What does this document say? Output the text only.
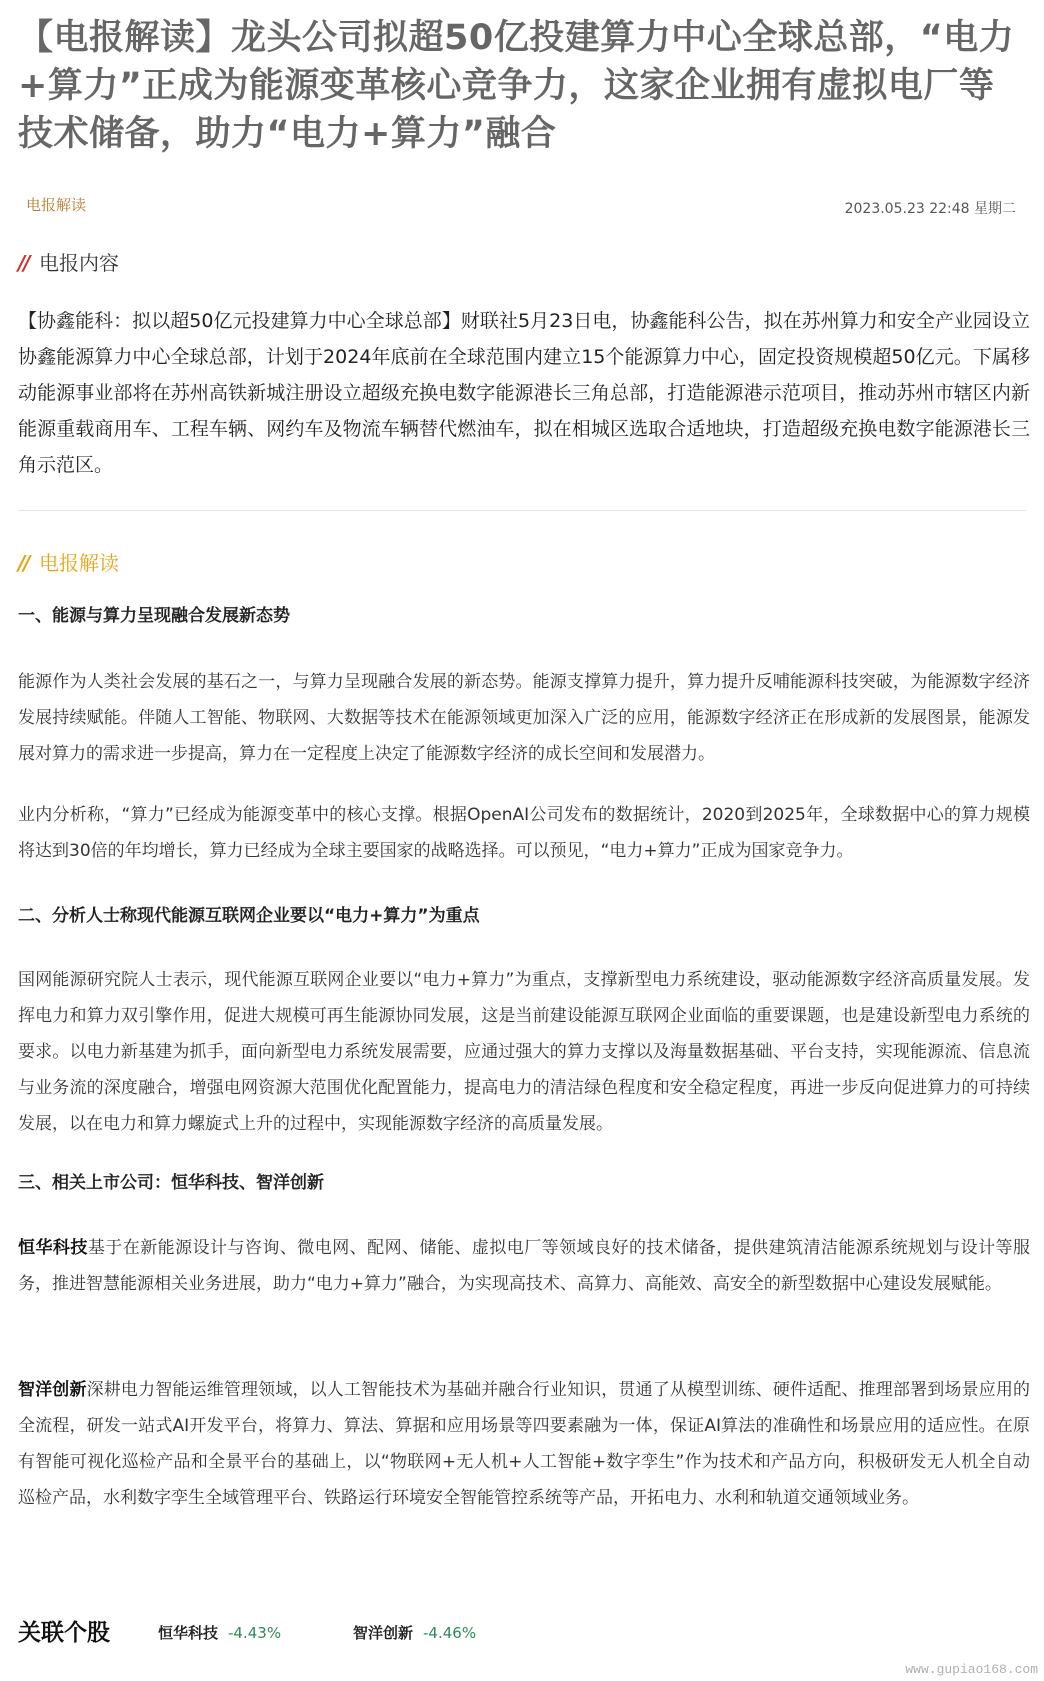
【电报解读】龙头公司拟超50亿投建算力中心全球总部，“电力+算力”正成为能源变革核心竞争力，这家企业拥有虚拟电厂等技术储备，助力“电力+算力”融合
电报解读	2023.05.23 22:48 星期二
// 电报内容

【协鑫能科：拟以超50亿元投建算力中心全球总部】财联社5月23日电，协鑫能科公告，拟在苏州算力和安全产业园设立协鑫能源算力中心全球总部，计划于2024年底前在全球范围内建立15个能源算力中心，固定投资规模超50亿元。下属移动能源事业部将在苏州高铁新城注册设立超级充换电数字能源港长三角总部，打造能源港示范项目，推动苏州市辖区内新能源重载商用车、工程车辆、网约车及物流车辆替代燃油车，拟在相城区选取合适地块，打造超级充换电数字能源港长三角示范区。

// 电报解读
一、能源与算力呈现融合发展新态势

能源作为人类社会发展的基石之一，与算力呈现融合发展的新态势。能源支撑算力提升，算力提升反哺能源科技突破，为能源数字经济发展持续赋能。伴随人工智能、物联网、大数据等技术在能源领域更加深入广泛的应用，能源数字经济正在形成新的发展图景，能源发展对算力的需求进一步提高，算力在一定程度上决定了能源数字经济的成长空间和发展潜力。

业内分析称，“算力”已经成为能源变革中的核心支撑。根据OpenAI公司发布的数据统计，2020到2025年，全球数据中心的算力规模将达到30倍的年均增长，算力已经成为全球主要国家的战略选择。可以预见，“电力+算力”正成为国家竞争力。

二、分析人士称现代能源互联网企业要以“电力+算力”为重点

国网能源研究院人士表示，现代能源互联网企业要以“电力+算力”为重点，支撑新型电力系统建设，驱动能源数字经济高质量发展。发挥电力和算力双引擎作用，促进大规模可再生能源协同发展，这是当前建设能源互联网企业面临的重要课题，也是建设新型电力系统的要求。以电力新基建为抓手，面向新型电力系统发展需要，应通过强大的算力支撑以及海量数据基础、平台支持，实现能源流、信息流与业务流的深度融合，增强电网资源大范围优化配置能力，提高电力的清洁绿色程度和安全稳定程度，再进一步反向促进算力的可持续发展，以在电力和算力螺旋式上升的过程中，实现能源数字经济的高质量发展。

三、相关上市公司：恒华科技、智洋创新

恒华科技基于在新能源设计与咨询、微电网、配网、储能、虚拟电厂等领域良好的技术储备，提供建筑清洁能源系统规划与设计等服务，推进智慧能源相关业务进展，助力“电力+算力”融合，为实现高技术、高算力、高能效、高安全的新型数据中心建设发展赋能。

智洋创新深耕电力智能运维管理领域，以人工智能技术为基础并融合行业知识，贯通了从模型训练、硬件适配、推理部署到场景应用的全流程，研发一站式AI开发平台，将算力、算法、算据和应用场景等四要素融为一体，保证AI算法的准确性和场景应用的适应性。在原有智能可视化巡检产品和全景平台的基础上，以“物联网+无人机+人工智能+数字孪生”作为技术和产品方向，积极研发无人机全自动巡检产品，水利数字孪生全域管理平台、铁路运行环境安全智能管控系统等产品，开拓电力、水利和轨道交通领域业务。

关联个股	恒华科技 -4.43%	智洋创新 -4.46%
www.gupiao168.com
